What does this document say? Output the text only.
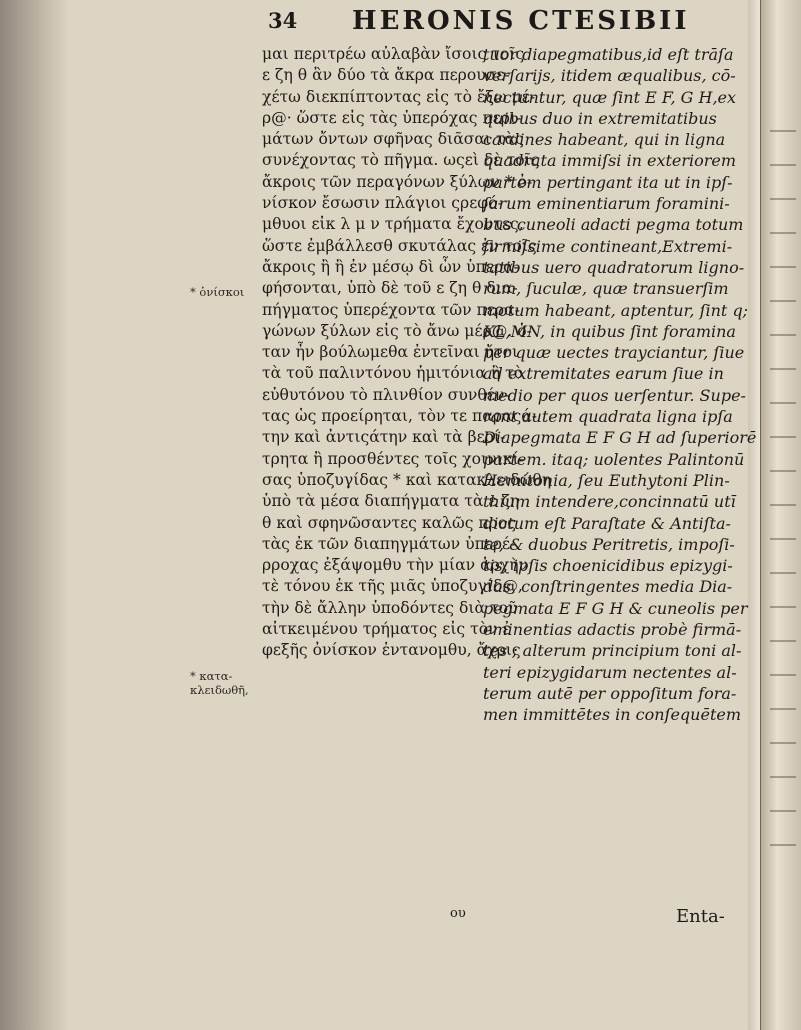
34 HERONIS CTESIBII
* ὀνίσκοι
* κατα-
κλειδωθῆ,
μαι περιτρέω αὐλαβὰν ἴσοις τοῖς
ε ζη θ ἂν δύο τὰ ἄκρα περουσε-
χέτω διεκπίπτοντας εἰς τὸ ἔξω μέ-
ρ@· ὥστε εἰς τὰς ὑπερόχας περι-
μάτων ὄντων σφῆνας διᾶσαι τὰς
συνέχοντας τὸ πῆγμα. ωςεὶ δὲ τοῖς
ἄκροις τῶν περαγόνων ξύλων * ὀ-
νίσκον ἔσωσιν πλάγιοι ςρεφό-
μθυοι εἰκ λ μ ν τρήματα ἔχοντες,
ὥστε ἐμβάλλεσθ σκυτάλας ἐν τοῖς
ἄκροις ἢ ἢ ἐν μέσῳ δὶ ὧν ὑπερα-
φήσονται, ὑπὸ δὲ τοῦ ε ζη θ δια-
πήγματος ὑπερέχοντα τῶν περα-
γώνων ξύλων εἰς τὸ ἄνω μέρ@. ὁ-
ταν ἦν βούλωμεθα ἐντεῖναι ἤτοι
τὰ τοῦ παλιντόνου ἡμιτόνια ἢ τὸ
εὐθυτόνου τὸ πλινθίον συνθέν-
τας ὡς προείρηται, τὸν τε παραςά-
την καὶ ἀντιςάτην καὶ τὰ βερί-
τρητα ἢ προσθέντες τοῖς χοινικί-
σας ὑποζυγίδας * καὶ κατακλειδώθη
ὑπὸ τὰ μέσα διαπήγματα τὰ ε ζη
θ καὶ σφηνῶσαντες καλῶς προς
τὰς ἐκ τῶν διαπηγμάτων ὑπερέ-
ρροχας ἐξάψομθυ τὴν μίαν ἀρχὴν
τὲ τόνου ἐκ τῆς μιᾶς ὑποζυγίδ@,
τὴν δὲ ἄλλην ὑποδόντες διὰ τοῦ
αἰτκειμένου τρήματος εἰς τὸν ἐ
φεξῆς ὀνίσκον ἐντανομθυ, ἄχρις
tuor diapegmatibus,id eſt trāſa
verſarijs, itidem æqualibus, cō-
nectuntur, quæ ſint E F, G H,ex
quibus duo in extremitatibus
cardines habeant, qui in ligna
quadrata immiſsi in exteriorem
partem pertingant ita ut in ipſ-
ſarum eminentiarum foramini-
bus cuneoli adacti pegma totum
firmiſsime contineant,Extremi-
tatibus uero quadratorum ligno-
rum, ſuculæ, quæ transuerſim
motum habeant, aptentur, ſint q;
KL,MN, in quibus ſint foramina
per quæ uectes trayciantur, ſiue
ad extremitates earum ſiue in
medio per quos uerſentur. Supe-
rant autem quadrata ligna ipſa
Diapegmata E F G H ad ſuperiorē
partem. itaq; uolentes Palintonū
Hemitonia, ſeu Euthytoni Plin-
thium intendere,concinnatū utī
dictum eſt Paraſtate & Antiſta-
te, & duobus Peritretis, impoſi-
tis, ipſis choenicidibus epizygi-
das, conſtringentes media Dia-
pegmata E F G H & cuneolis per
eminentias adactis probè firmā-
tes ; alterum principium toni al-
teri epizygidarum nectentes al-
terum autē per oppoſitum fora-
men immittētes in conſequētem
ου	Enta-
